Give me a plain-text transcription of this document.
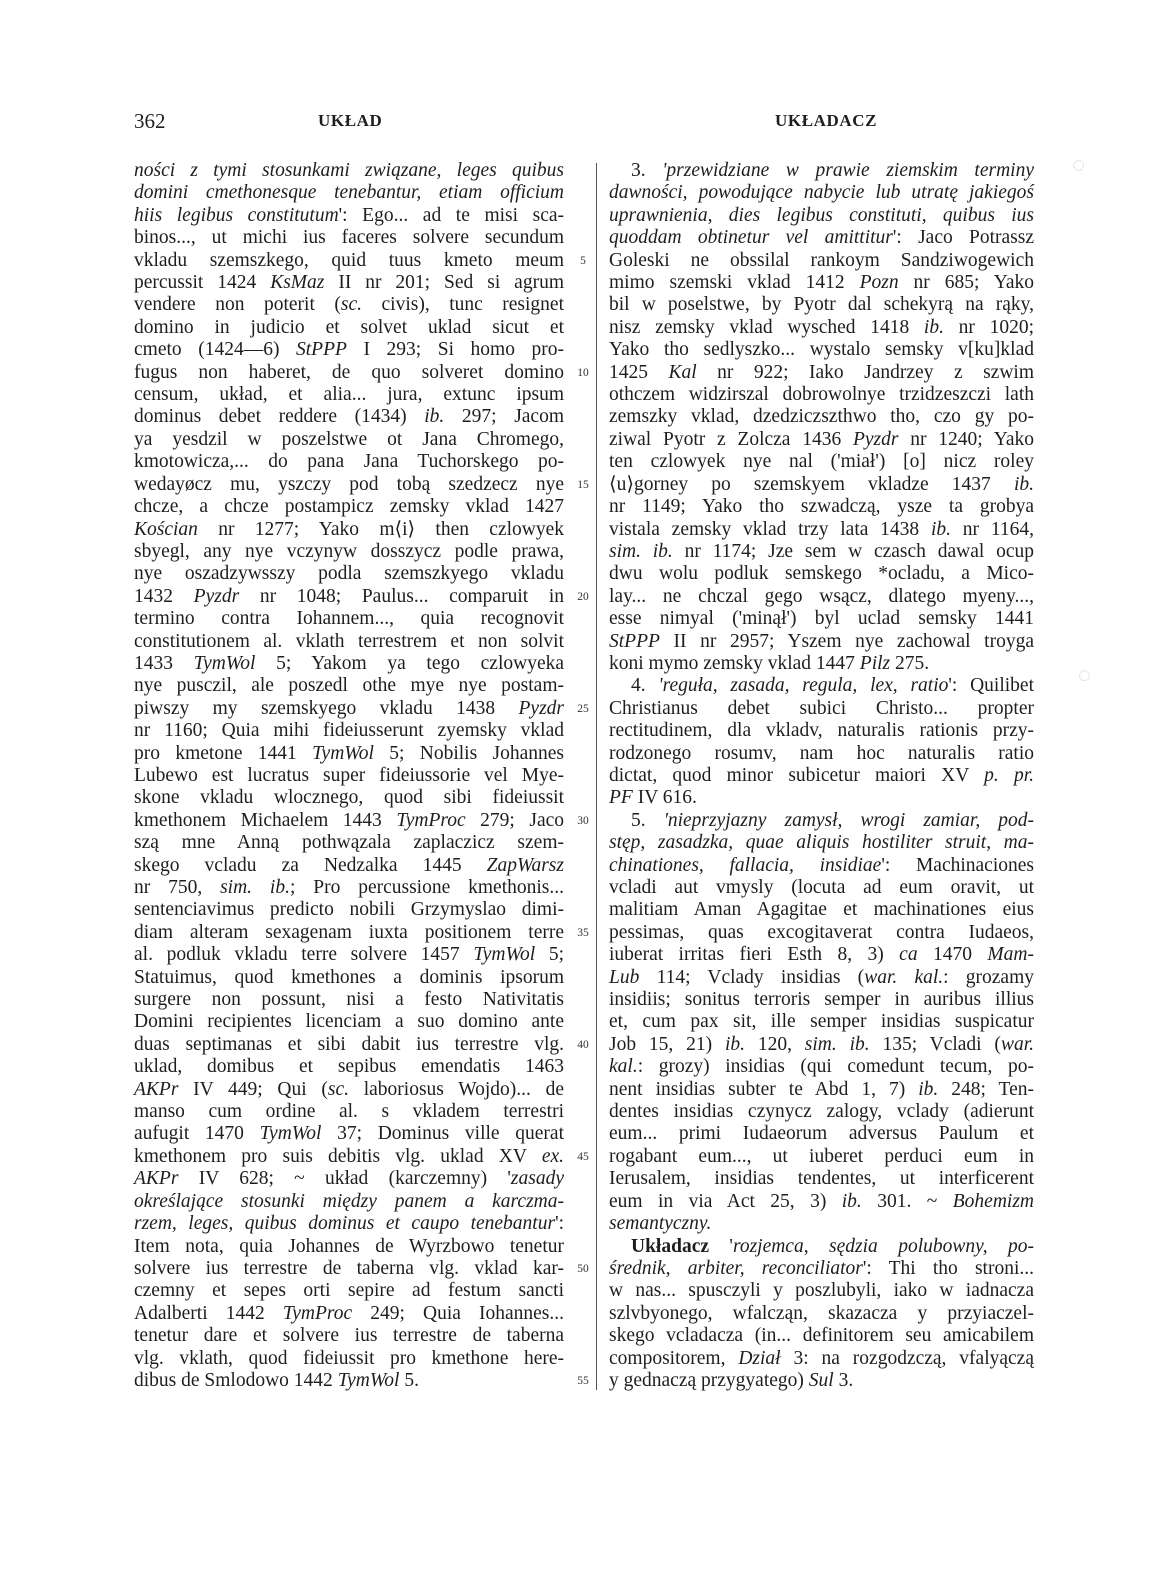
362	UKŁAD	UKŁADACZ
ności z tymi stosunkami związane, leges quibus
domini cmethonesque tenebantur, etiam officium
hiis legibus constitutum': Ego... ad te misi sca-
binos..., ut michi ius faceres solvere secundum
vkladu szemszkego, quid tuus kmeto meum
percussit 1424 KsMaz II nr 201; Sed si agrum
vendere non poterit (sc. civis), tunc resignet
domino in judicio et solvet uklad sicut et
cmeto (1424—6) StPPP I 293; Si homo pro-
fugus non haberet, de quo solveret domino
censum, układ, et alia... jura, extunc ipsum
dominus debet reddere (1434) ib. 297; Jacom
ya yesdzil w poszelstwe ot Jana Chromego,
kmotowicza,... do pana Jana Tuchorskego po-
wedayøcz mu, yszczy pod tobą szedzecz nye
chcze, a chcze postampicz zemsky vklad 1427
Kościan nr 1277; Yako m⟨i⟩ then czlowyek
sbyegl, any nye vczynyw dosszycz podle prawa,
nye oszadzywsszy podla szemszkyego vkladu
1432 Pyzdr nr 1048; Paulus... comparuit in
termino contra Iohannem..., quia recognovit
constitutionem al. vklath terrestrem et non solvit
1433 TymWol 5; Yakom ya tego czlowyeka
nye pusczil, ale poszedl othe mye nye postam-
piwszy my szemskyego vkladu 1438 Pyzdr
nr 1160; Quia mihi fideiusserunt zyemsky vklad
pro kmetone 1441 TymWol 5; Nobilis Johannes
Lubewo est lucratus super fideiussorie vel Mye-
skone vkladu wlocznego, quod sibi fideiussit
kmethonem Michaelem 1443 TymProc 279; Jaco
szą mne Anną pothwązala zaplaczicz szem-
skego vcladu za Nedzalka 1445 ZapWarsz
nr 750, sim. ib.; Pro percussione kmethonis...
sentenciavimus predicto nobili Grzymyslao dimi-
diam alteram sexagenam iuxta positionem terre
al. podluk vkladu terre solvere 1457 TymWol 5;
Statuimus, quod kmethones a dominis ipsorum
surgere non possunt, nisi a festo Nativitatis
Domini recipientes licenciam a suo domino ante
duas septimanas et sibi dabit ius terrestre vlg.
uklad, domibus et sepibus emendatis 1463
AKPr IV 449; Qui (sc. laboriosus Wojdo)... de
manso cum ordine al. s vkladem terrestri
aufugit 1470 TymWol 37; Dominus ville querat
kmethonem pro suis debitis vlg. uklad XV ex.
AKPr IV 628; ~ układ (karczemny) 'zasady
określające stosunki między panem a karczma-
rzem, leges, quibus dominus et caupo tenebantur':
Item nota, quia Johannes de Wyrzbowo tenetur
solvere ius terrestre de taberna vlg. vklad kar-
czemny et sepes orti sepire ad festum sancti
Adalberti 1442 TymProc 249; Quia Iohannes...
tenetur dare et solvere ius terrestre de taberna
vlg. vklath, quod fideiussit pro kmethone here-
dibus de Smlodowo 1442 TymWol 5.
5
10
15
20
25
30
35
40
45
50
55
3. 'przewidziane w prawie ziemskim terminy
dawności, powodujące nabycie lub utratę jakiegoś
uprawnienia, dies legibus constituti, quibus ius
quoddam obtinetur vel amittitur': Jaco Potrassz
Goleski ne obssilal rankoym Sandziwogewich
mimo szemski vklad 1412 Pozn nr 685; Yako
bil w poselstwe, by Pyotr dal schekyrą na rąky,
nisz zemsky vklad wysched 1418 ib. nr 1020;
Yako tho sedlyszko... wystalo semsky v[ku]klad
1425 Kal nr 922; Iako Jandrzey z szwim
othczem widzirszal dobrowolnye trzidzeszczi lath
zemszky vklad, dzedziczszthwo tho, czo gy po-
ziwal Pyotr z Zolcza 1436 Pyzdr nr 1240; Yako
ten czlowyek nye nal ('miał') [o] nicz roley
⟨u⟩gorney po szemskyem vkladze 1437 ib.
nr 1149; Yako tho szwadczą, ysze ta grobya
vistala zemsky vklad trzy lata 1438 ib. nr 1164,
sim. ib. nr 1174; Jze sem w czasch dawal ocup
dwu wolu podluk semskego *ocladu, a Mico-
lay... ne chczal gego wsącz, dlatego myeny...,
esse nimyal ('minął') byl uclad semsky 1441
StPPP II nr 2957; Yszem nye zachowal troyga
koni mymo zemsky vklad 1447 Pilz 275.
4. 'reguła, zasada, regula, lex, ratio': Quilibet
Christianus debet subici Christo... propter
rectitudinem, dla vkladv, naturalis rationis przy-
rodzonego rosumv, nam hoc naturalis ratio
dictat, quod minor subicetur maiori XV p. pr.
PF IV 616.
5. 'nieprzyjazny zamysł, wrogi zamiar, pod-
stęp, zasadzka, quae aliquis hostiliter struit, ma-
chinationes, fallacia, insidiae': Machinaciones
vcladi aut vmysly (locuta ad eum oravit, ut
malitiam Aman Agagitae et machinationes eius
pessimas, quas excogitaverat contra Iudaeos,
iuberat irritas fieri Esth 8, 3) ca 1470 Mam-
Lub 114; Vclady insidias (war. kal.: grozamy
insidiis; sonitus terroris semper in auribus illius
et, cum pax sit, ille semper insidias suspicatur
Job 15, 21) ib. 120, sim. ib. 135; Vcladi (war.
kal.: grozy) insidias (qui comedunt tecum, po-
nent insidias subter te Abd 1, 7) ib. 248; Ten-
dentes insidias czynycz zalogy, vclady (adierunt
eum... primi Iudaeorum adversus Paulum et
rogabant eum..., ut iuberet perduci eum in
Ierusalem, insidias tendentes, ut interficerent
eum in via Act 25, 3) ib. 301. ~ Bohemizm
semantyczny.
Układacz 'rozjemca, sędzia polubowny, po-
średnik, arbiter, reconciliator': Thi tho stroni...
w nas... spusczyli y poszlubyli, iako w iadnacza
szlvbyonego, wfalcząn, skazacza y przyiaczel-
skego vcladacza (in... definitorem seu amicabilem
compositorem, Dział 3: na rozgodzczą, vfalyączą
y gednaczą przygyatego) Sul 3.
◌
◌
